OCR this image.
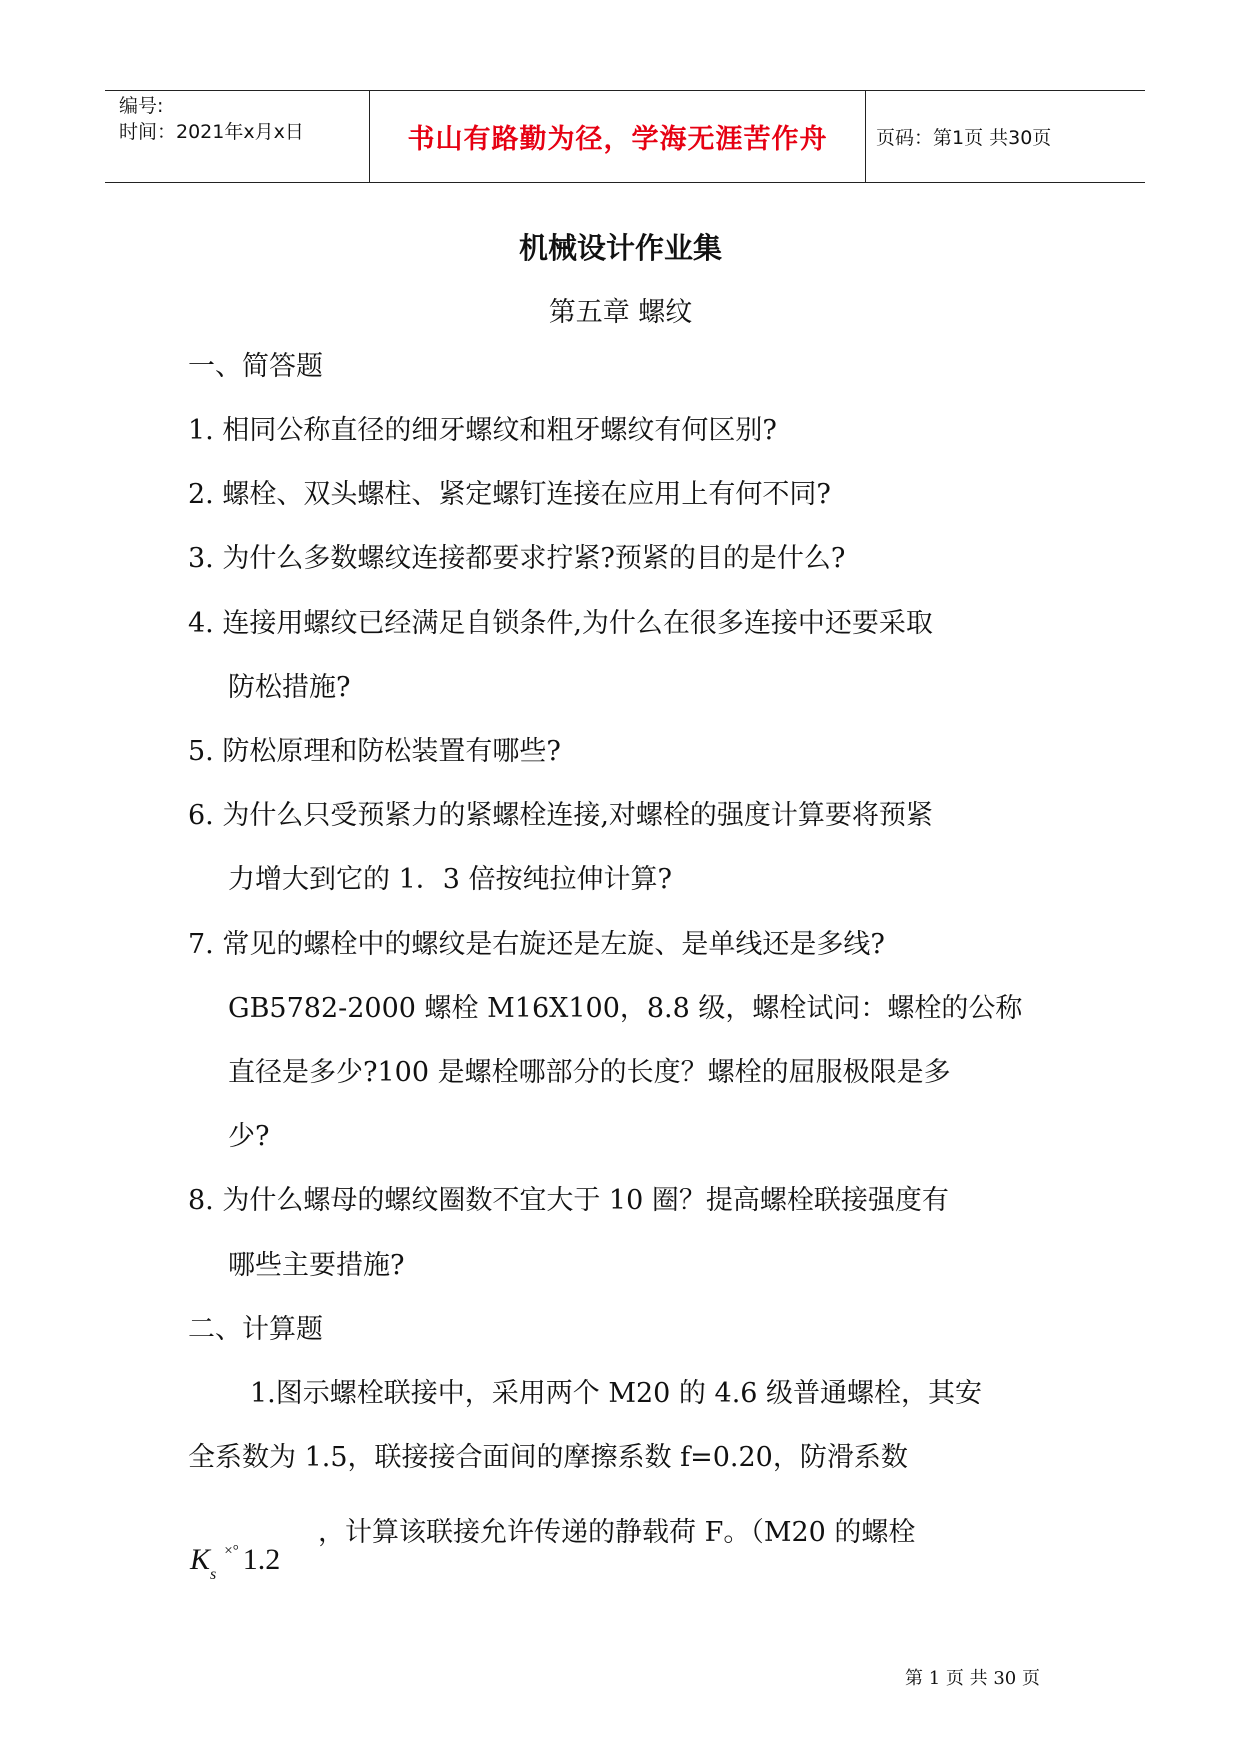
编号:
时间：2021年x月x日	书山有路勤为径，学海无涯苦作舟	页码：第1页 共30页
机械设计作业集
第五章 螺纹
一、简答题
1. 相同公称直径的细牙螺纹和粗牙螺纹有何区别?
2. 螺栓、双头螺柱、紧定螺钉连接在应用上有何不同?
3. 为什么多数螺纹连接都要求拧紧?预紧的目的是什么?
4. 连接用螺纹已经满足自锁条件,为什么在很多连接中还要采取
防松措施?
5. 防松原理和防松装置有哪些?
6. 为什么只受预紧力的紧螺栓连接,对螺栓的强度计算要将预紧
力增大到它的 1．3 倍按纯拉伸计算?
7. 常见的螺栓中的螺纹是右旋还是左旋、是单线还是多线?
GB5782-2000 螺栓 M16X100，8.8 级，螺栓试问：螺栓的公称
直径是多少?100 是螺栓哪部分的长度？螺栓的屈服极限是多
少?
8. 为什么螺母的螺纹圈数不宜大于 10 圈？提高螺栓联接强度有
哪些主要措施?
二、计算题
1.图示螺栓联接中，采用两个 M20 的 4.6 级普通螺栓，其安
全系数为 1.5，联接接合面间的摩擦系数 f=0.20，防滑系数
$K_s^{\times^\circ}$ 1.2
，计算该联接允许传递的静载荷 F。（M20 的螺栓
第 1 页 共 30 页
